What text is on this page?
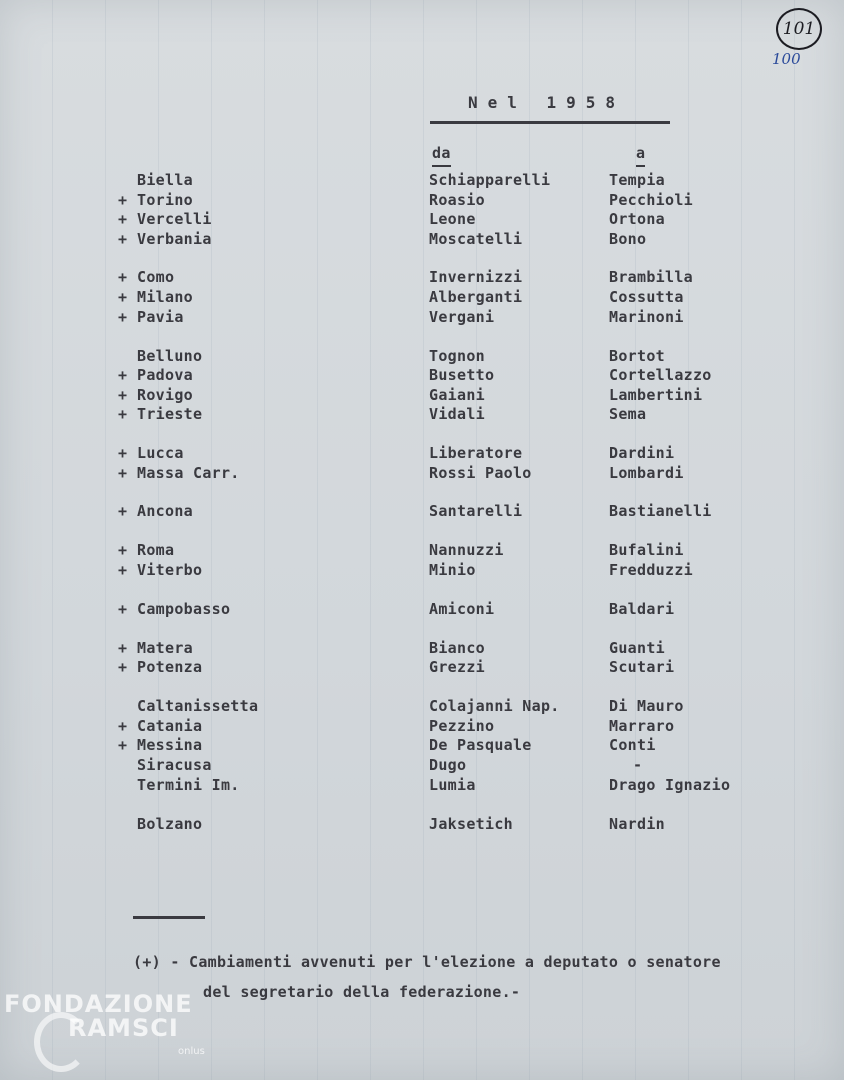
101
100
Nel 1958
da	a
Biella	Schiapparelli	Tempia
+ Torino	Roasio	Pecchioli
+ Vercelli	Leone	Ortona
+ Verbania	Moscatelli	Bono
+ Como	Invernizzi	Brambilla
+ Milano	Alberganti	Cossutta
+ Pavia	Vergani	Marinoni
Belluno	Tognon	Bortot
+ Padova	Busetto	Cortellazzo
+ Rovigo	Gaiani	Lambertini
+ Trieste	Vidali	Sema
+ Lucca	Liberatore	Dardini
+ Massa Carr.	Rossi Paolo	Lombardi
+ Ancona	Santarelli	Bastianelli
+ Roma	Nannuzzi	Bufalini
+ Viterbo	Minio	Fredduzzi
+ Campobasso	Amiconi	Baldari
+ Matera	Bianco	Guanti
+ Potenza	Grezzi	Scutari
Caltanissetta	Colajanni Nap.	Di Mauro
+ Catania	Pezzino	Marraro
+ Messina	De Pasquale	Conti
Siracusa	Dugo	-
Termini Im.	Lumia	Drago Ignazio
Bolzano	Jaksetich	Nardin
(+) - Cambiamenti avvenuti per l'elezione a deputato o senatore
del segretario della federazione.-
FONDAZIONE
RAMSCI
onlus
